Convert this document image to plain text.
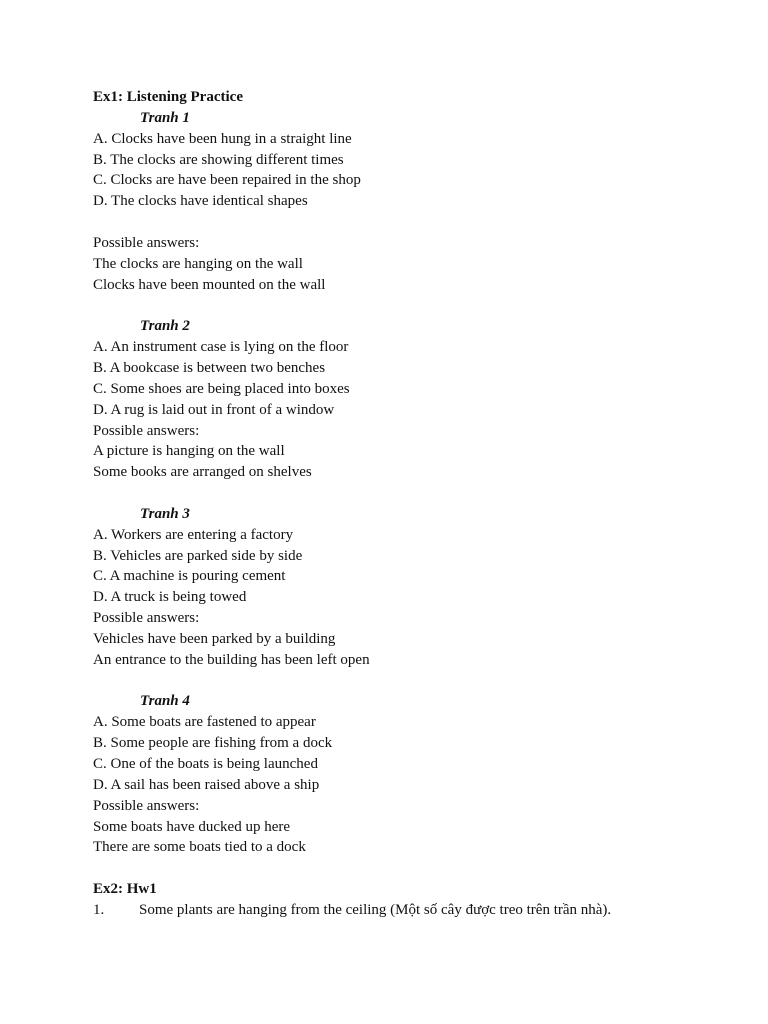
Ex1: Listening Practice
Tranh 1
A. Clocks have been hung in a straight line
B. The clocks are showing different times
C. Clocks are have been repaired in the shop
D. The clocks have identical shapes
Possible answers:
The clocks are hanging on the wall
Clocks have been mounted on the wall
Tranh 2
A. An instrument case is lying on the floor
B. A bookcase is between two benches
C. Some shoes are being placed into boxes
D. A rug is laid out in front of a window
Possible answers:
A picture is hanging on the wall
Some books are arranged on shelves
Tranh 3
A. Workers are entering a factory
B. Vehicles are parked side by side
C. A machine is pouring cement
D. A truck is being towed
Possible answers:
Vehicles have been parked by a building
An entrance to the building has been left open
Tranh 4
A. Some boats are fastened to appear
B. Some people are fishing from a dock
C. One of the boats is being launched
D. A sail has been raised above a ship
Possible answers:
Some boats have ducked up here
There are some boats tied to a dock
Ex2: Hw1
1.	Some plants are hanging from the ceiling (Một số cây được treo trên trần nhà).
